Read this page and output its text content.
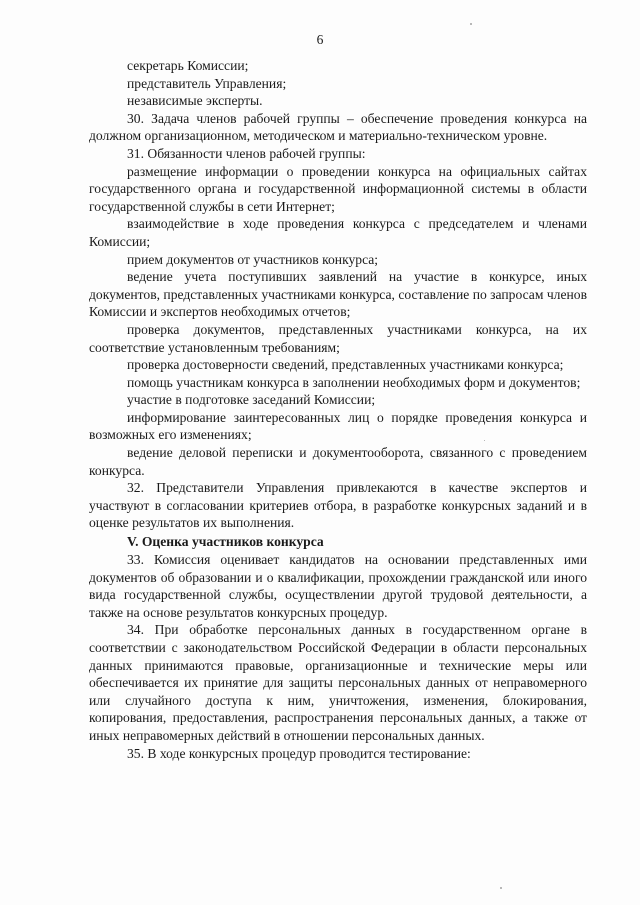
6

секретарь Комиссии;

представитель Управления;

независимые эксперты.

30. Задача членов рабочей группы – обеспечение проведения конкурса на должном организационном, методическом и материально-техническом уровне.

31. Обязанности членов рабочей группы:

размещение информации о проведении конкурса на официальных сайтах государственного органа и государственной информационной системы в области государственной службы в сети Интернет;

взаимодействие в ходе проведения конкурса с председателем и членами Комиссии;

прием документов от участников конкурса;

ведение учета поступивших заявлений на участие в конкурсе, иных документов, представленных участниками конкурса, составление по запросам членов Комиссии и экспертов необходимых отчетов;

проверка документов, представленных участниками конкурса, на их соответствие установленным требованиям;

проверка достоверности сведений, представленных участниками конкурса;

помощь участникам конкурса в заполнении необходимых форм и документов;

участие в подготовке заседаний Комиссии;

информирование заинтересованных лиц о порядке проведения конкурса и возможных его изменениях;

ведение деловой переписки и документооборота, связанного с проведением конкурса.

32. Представители Управления привлекаются в качестве экспертов и участвуют в согласовании критериев отбора, в разработке конкурсных заданий и в оценке результатов их выполнения.

V. Оценка участников конкурса

33. Комиссия оценивает кандидатов на основании представленных ими документов об образовании и о квалификации, прохождении гражданской или иного вида государственной службы, осуществлении другой трудовой деятельности, а также на основе результатов конкурсных процедур.

34. При обработке персональных данных в государственном органе в соответствии с законодательством Российской Федерации в области персональных данных принимаются правовые, организационные и технические меры или обеспечивается их принятие для защиты персональных данных от неправомерного или случайного доступа к ним, уничтожения, изменения, блокирования, копирования, предоставления, распространения персональных данных, а также от иных неправомерных действий в отношении персональных данных.

35. В ходе конкурсных процедур проводится тестирование:
